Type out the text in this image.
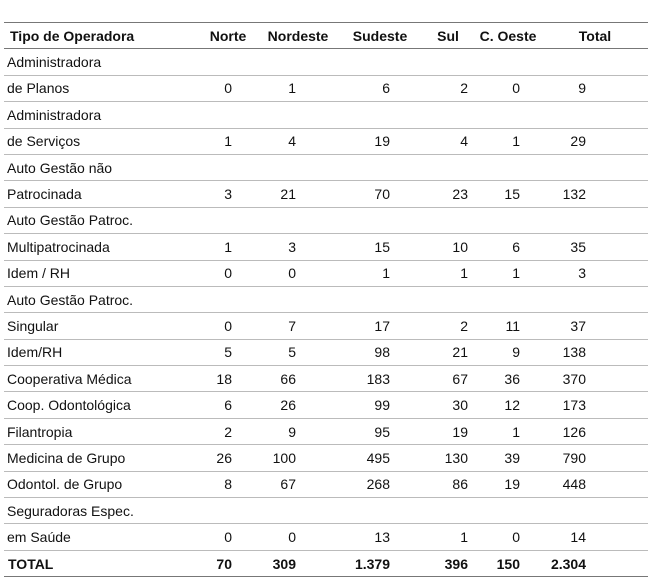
Tipo de Operadora	Norte	Nordeste	Sudeste	Sul	C. Oeste	Total
Administradora						
de Planos	0	1	6	2	0	9
Administradora						
de Serviços	1	4	19	4	1	29
Auto Gestão não						
Patrocinada	3	21	70	23	15	132
Auto Gestão Patroc.						
Multipatrocinada	1	3	15	10	6	35
Idem / RH	0	0	1	1	1	3
Auto Gestão Patroc.						
Singular	0	7	17	2	11	37
Idem/RH	5	5	98	21	9	138
Cooperativa Médica	18	66	183	67	36	370
Coop. Odontológica	6	26	99	30	12	173
Filantropia	2	9	95	19	1	126
Medicina de Grupo	26	100	495	130	39	790
Odontol. de Grupo	8	67	268	86	19	448
Seguradoras Espec.						
em Saúde	0	0	13	1	0	14
TOTAL	70	309	1.379	396	150	2.304
